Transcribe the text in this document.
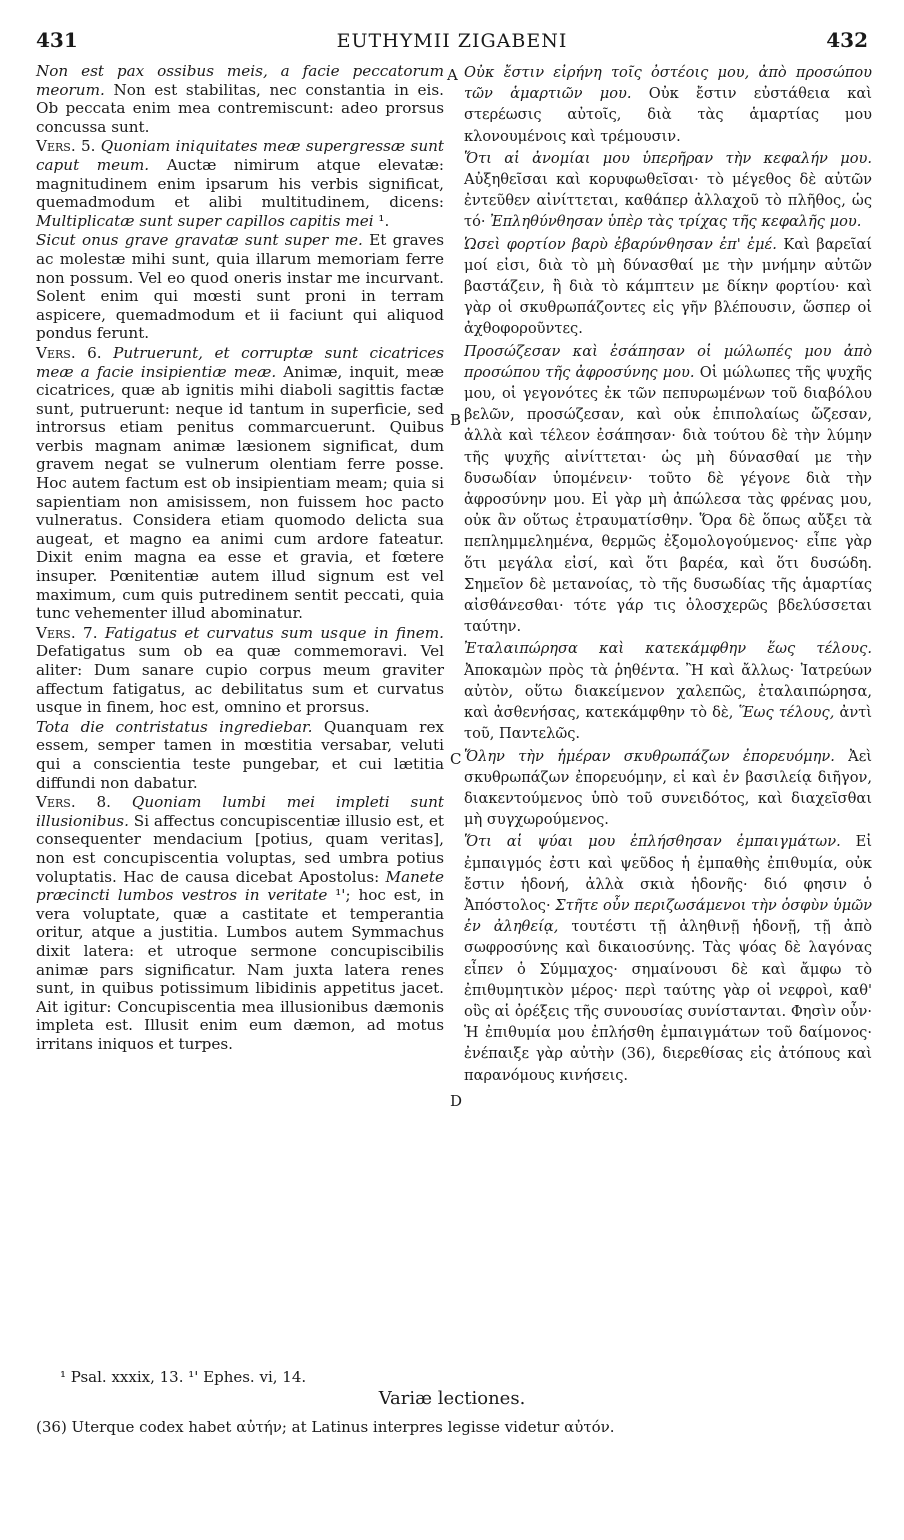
431	EUTHYMII ZIGABENI	432

Non est pax ossibus meis, a facie peccatorum meorum. Non est stabilitas, nec constantia in eis. Ob peccata enim mea contremiscunt: adeo prorsus concussa sunt.

Vers. 5. Quoniam iniquitates meæ supergressæ sunt caput meum. Auctæ nimirum atque elevatæ: magnitudinem enim ipsarum his verbis significat, quemadmodum et alibi multitudinem, dicens: Multiplicatæ sunt super capillos capitis mei ¹.

Sicut onus grave gravatæ sunt super me. Et graves ac molestæ mihi sunt, quia illarum memoriam ferre non possum. Vel eo quod oneris instar me incurvant. Solent enim qui mœsti sunt proni in terram aspicere, quemadmodum et ii faciunt qui aliquod pondus ferunt.

Vers. 6. Putruerunt, et corruptæ sunt cicatrices meæ a facie insipientiæ meæ. Animæ, inquit, meæ cicatrices, quæ ab ignitis mihi diaboli sagittis factæ sunt, putruerunt: neque id tantum in superficie, sed introrsus etiam penitus commarcuerunt. Quibus verbis magnam animæ læsionem significat, dum gravem negat se vulnerum olentiam ferre posse. Hoc autem factum est ob insipientiam meam; quia si sapientiam non amisissem, non fuissem hoc pacto vulneratus. Considera etiam quomodo delicta sua augeat, et magno ea animi cum ardore fateatur. Dixit enim magna ea esse et gravia, et fœtere insuper. Pœnitentiæ autem illud signum est vel maximum, cum quis putredinem sentit peccati, quia tunc vehementer illud abominatur.

Vers. 7. Fatigatus et curvatus sum usque in finem. Defatigatus sum ob ea quæ commemoravi. Vel aliter: Dum sanare cupio corpus meum graviter affectum fatigatus, ac debilitatus sum et curvatus usque in finem, hoc est, omnino et prorsus.

Tota die contristatus ingrediebar. Quanquam rex essem, semper tamen in mœstitia versabar, veluti qui a conscientia teste pungebar, et cui lætitia diffundi non dabatur.

Vers. 8. Quoniam lumbi mei impleti sunt illusionibus. Si affectus concupiscentiæ illusio est, et consequenter mendacium [potius, quam veritas], non est concupiscentia voluptas, sed umbra potius voluptatis. Hac de causa dicebat Apostolus: Manete præcincti lumbos vestros in veritate ¹'; hoc est, in vera voluptate, quæ a castitate et temperantia oritur, atque a justitia. Lumbos autem Symmachus dixit latera: et utroque sermone concupiscibilis animæ pars significatur. Nam juxta latera renes sunt, in quibus potissimum libidinis appetitus jacet. Ait igitur: Concupiscentia mea illusionibus dæmonis impleta est. Illusit enim eum dæmon, ad motus irritans iniquos et turpes.

Οὐκ ἔστιν εἰρήνη τοῖς ὀστέοις μου, ἀπὸ προσώπου τῶν ἁμαρτιῶν μου. Οὐκ ἔστιν εὐστάθεια καὶ στερέωσις αὐτοῖς, διὰ τὰς ἁμαρτίας μου κλονουμένοις καὶ τρέμουσιν.

Ὅτι αἱ ἀνομίαι μου ὑπερῆραν τὴν κεφαλήν μου. Αὐξηθεῖσαι καὶ κορυφωθεῖσαι· τὸ μέγεθος δὲ αὐτῶν ἐντεῦθεν αἰνίττεται, καθάπερ ἀλλαχοῦ τὸ πλῆθος, ὡς τό· Ἐπληθύνθησαν ὑπὲρ τὰς τρίχας τῆς κεφαλῆς μου.

Ὡσεὶ φορτίον βαρὺ ἐβαρύνθησαν ἐπ' ἐμέ. Καὶ βαρεῖαί μοί εἰσι, διὰ τὸ μὴ δύνασθαί με τὴν μνήμην αὐτῶν βαστάζειν, ἢ διὰ τὸ κάμπτειν με δίκην φορτίου· καὶ γὰρ οἱ σκυθρωπάζοντες εἰς γῆν βλέπουσιν, ὥσπερ οἱ ἀχθοφοροῦντες.

Προσώζεσαν καὶ ἐσάπησαν οἱ μώλωπές μου ἀπὸ προσώπου τῆς ἀφροσύνης μου. Οἱ μώλωπες τῆς ψυχῆς μου, οἱ γεγονότες ἐκ τῶν πεπυρωμένων τοῦ διαβόλου βελῶν, προσώζεσαν, καὶ οὐκ ἐπιπολαίως ὤζεσαν, ἀλλὰ καὶ τέλεον ἐσάπησαν· διὰ τούτου δὲ τὴν λύμην τῆς ψυχῆς αἰνίττεται· ὡς μὴ δύνασθαί με τὴν δυσωδίαν ὑπομένειν· τοῦτο δὲ γέγονε διὰ τὴν ἀφροσύνην μου. Εἰ γὰρ μὴ ἀπώλεσα τὰς φρένας μου, οὐκ ἂν οὕτως ἐτραυματίσθην. Ὅρα δὲ ὅπως αὔξει τὰ πεπλημμελημένα, θερμῶς ἐξομολογούμενος· εἶπε γὰρ ὅτι μεγάλα εἰσί, καὶ ὅτι βαρέα, καὶ ὅτι δυσώδη. Σημεῖον δὲ μετανοίας, τὸ τῆς δυσωδίας τῆς ἁμαρτίας αἰσθάνεσθαι· τότε γάρ τις ὁλοσχερῶς βδελύσσεται ταύτην.

Ἐταλαιπώρησα καὶ κατεκάμφθην ἕως τέλους. Ἀποκαμὼν πρὸς τὰ ῥηθέντα. Ἢ καὶ ἄλλως· Ἰατρεύων αὐτὸν, οὕτω διακείμενον χαλεπῶς, ἐταλαιπώρησα, καὶ ἀσθενήσας, κατεκάμφθην τὸ δὲ, Ἕως τέλους, ἀντὶ τοῦ, Παντελῶς.

Ὅλην τὴν ἡμέραν σκυθρωπάζων ἐπορευόμην. Ἀεὶ σκυθρωπάζων ἐπορευόμην, εἰ καὶ ἐν βασιλείᾳ διῆγον, διακεντούμενος ὑπὸ τοῦ συνειδότος, καὶ διαχεῖσθαι μὴ συγχωρούμενος.

Ὅτι αἱ ψύαι μου ἐπλήσθησαν ἐμπαιγμάτων. Εἰ ἐμπαιγμός ἐστι καὶ ψεῦδος ἡ ἐμπαθὴς ἐπιθυμία, οὐκ ἔστιν ἡδονή, ἀλλὰ σκιὰ ἡδονῆς· διό φησιν ὁ Ἀπόστολος· Στῆτε οὖν περιζωσάμενοι τὴν ὀσφὺν ὑμῶν ἐν ἀληθείᾳ, τουτέστι τῇ ἀληθινῇ ἡδονῇ, τῇ ἀπὸ σωφροσύνης καὶ δικαιοσύνης. Τὰς ψόας δὲ λαγόνας εἶπεν ὁ Σύμμαχος· σημαίνουσι δὲ καὶ ἄμφω τὸ ἐπιθυμητικὸν μέρος· περὶ ταύτης γὰρ οἱ νεφροὶ, καθ' οὓς αἱ ὀρέξεις τῆς συνουσίας συνίστανται. Φησὶν οὖν· Ἡ ἐπιθυμία μου ἐπλήσθη ἐμπαιγμάτων τοῦ δαίμονος· ἐνέπαιξε γὰρ αὐτὴν (36), διερεθίσας εἰς ἀτόπους καὶ παρανόμους κινήσεις.

A
B
C
D
¹ Psal. xxxix, 13. ¹' Ephes. vi, 14.
Variæ lectiones.
(36) Uterque codex habet αὐτήν; at Latinus interpres legisse videtur αὐτόν.
